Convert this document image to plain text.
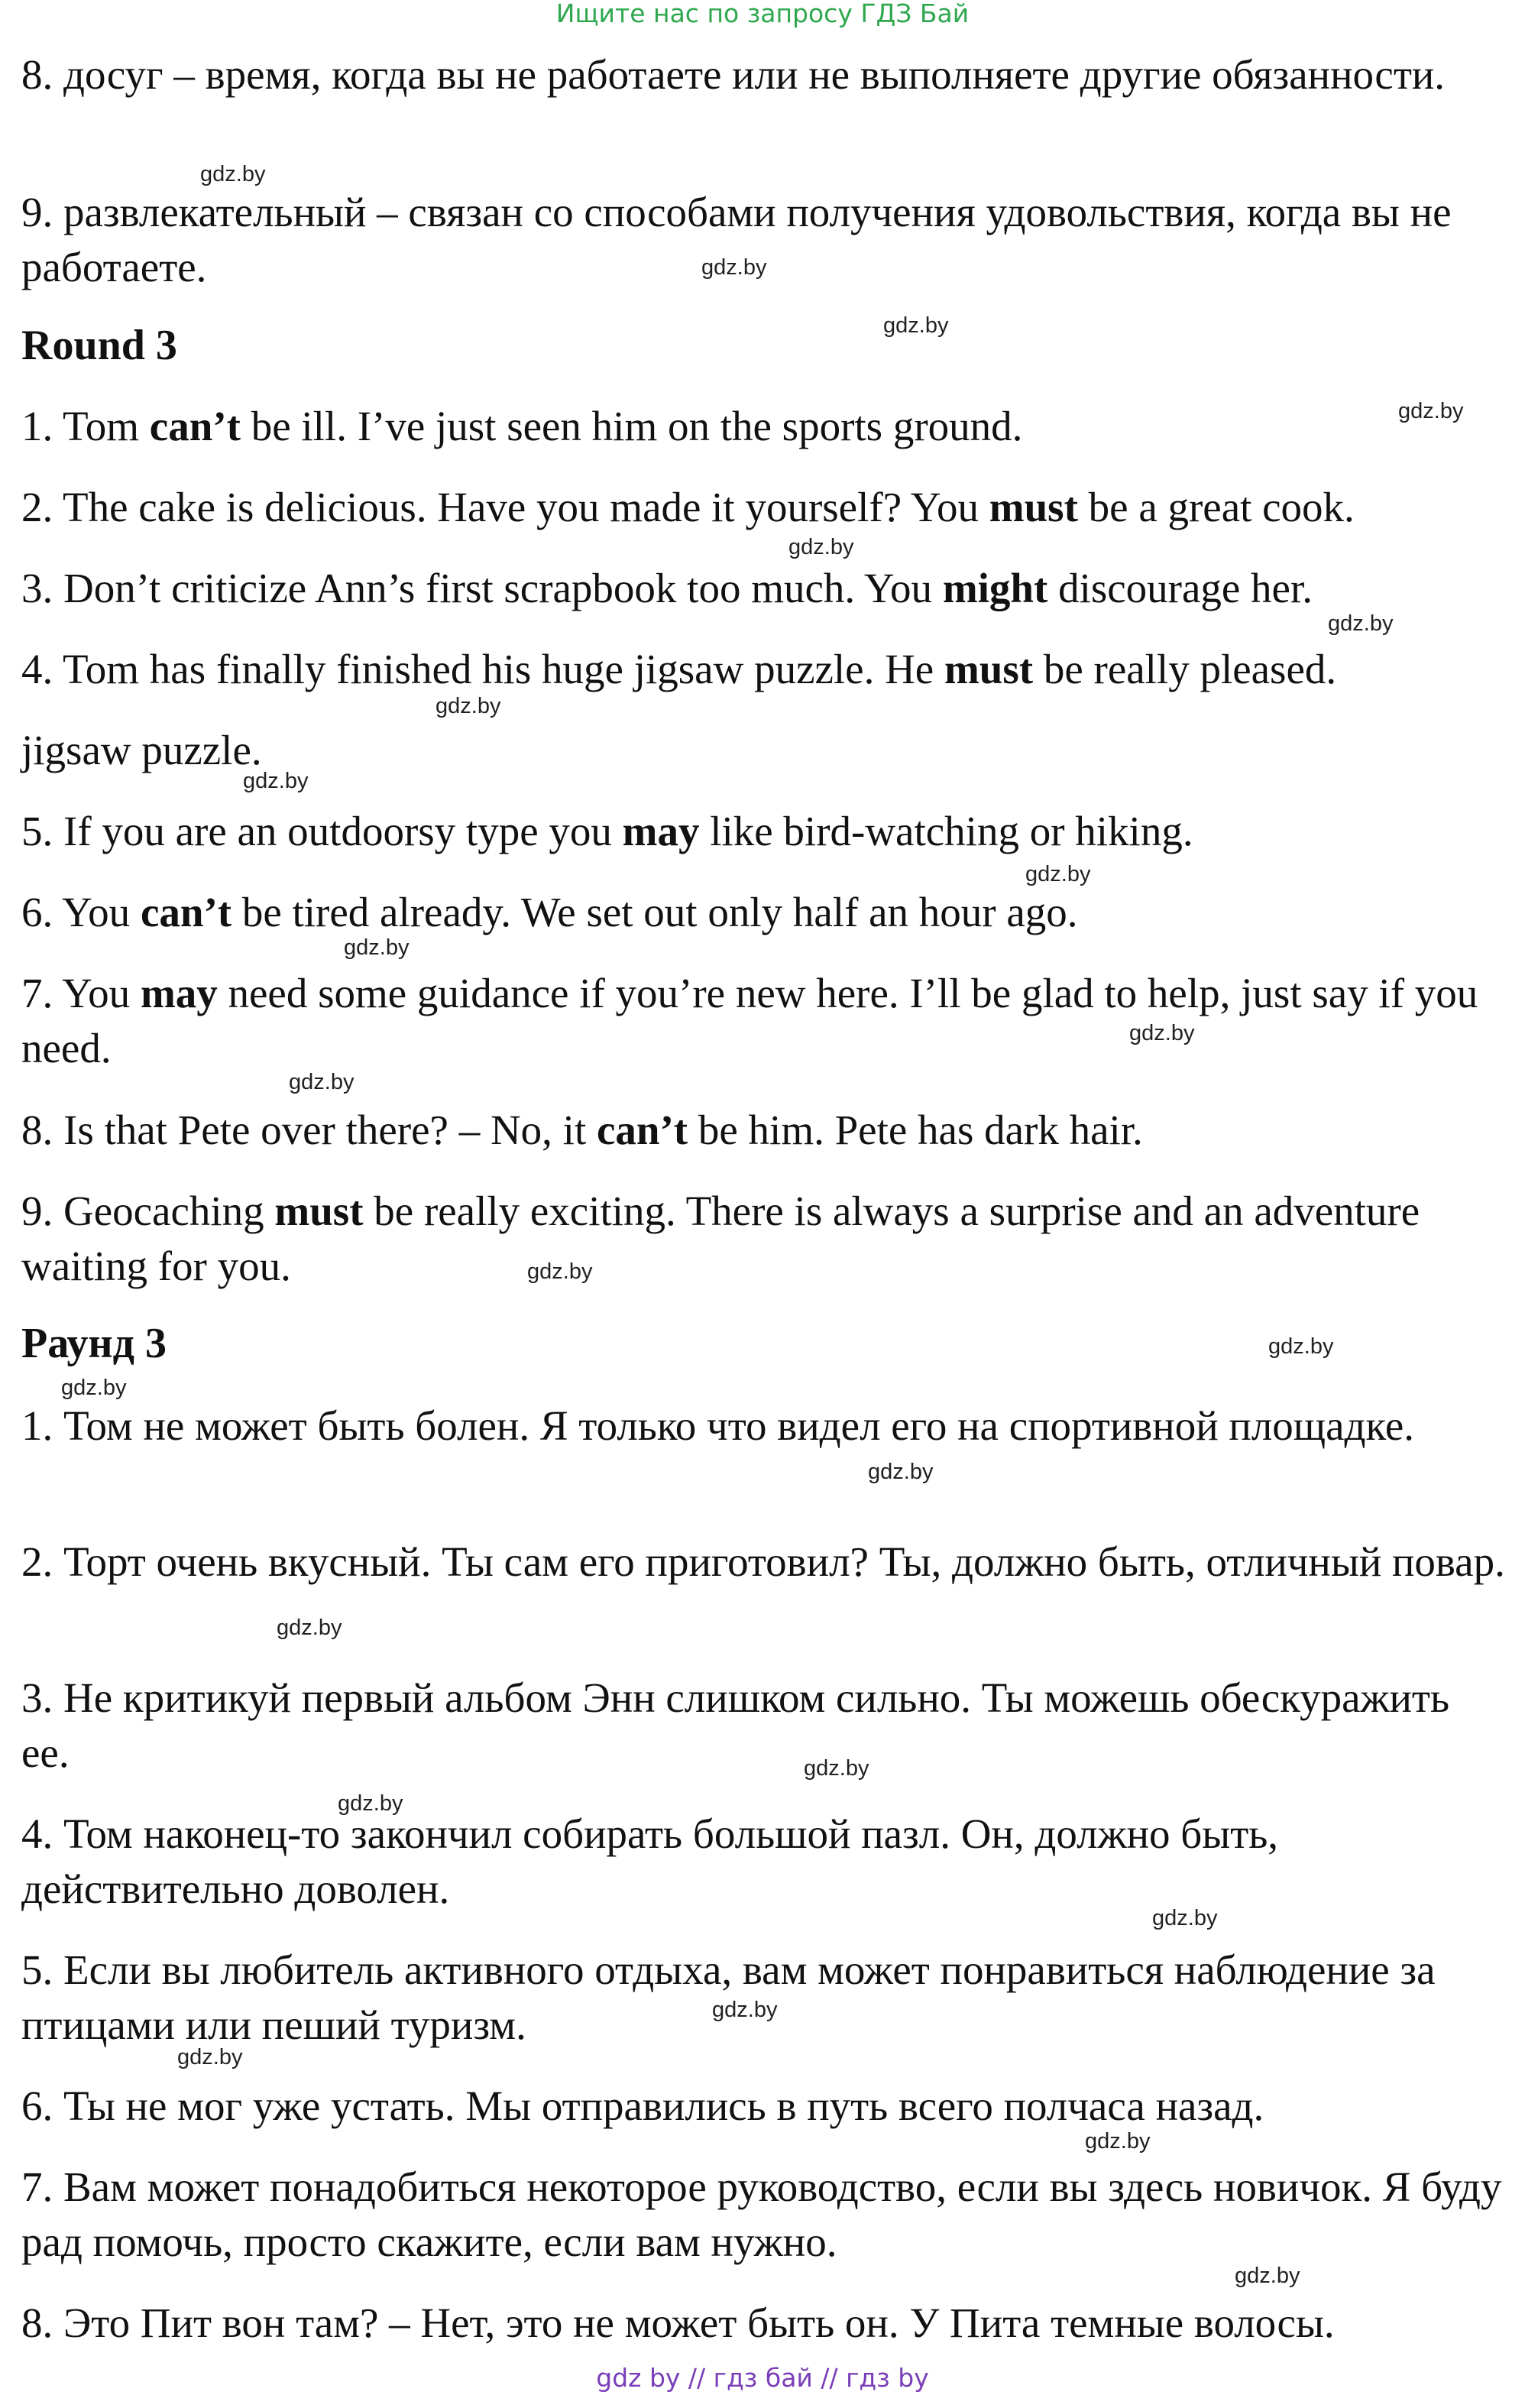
Ищите нас по запросу ГДЗ Бай
8. досуг – время, когда вы не работаете или не выполняете другие обязанности.
9. развлекательный – связан со способами получения удовольствия, когда вы не работаете.
Round 3
1. Tom can’t be ill. I’ve just seen him on the sports ground.
2. The cake is delicious. Have you made it yourself? You must be a great cook.
3. Don’t criticize Ann’s first scrapbook too much. You might discourage her.
4. Tom has finally finished his huge jigsaw puzzle. He must be really pleased.
jigsaw puzzle.
5. If you are an outdoorsy type you may like bird-watching or hiking.
6. You can’t be tired already. We set out only half an hour ago.
7. You may need some guidance if you’re new here. I’ll be glad to help, just say if you need.
8. Is that Pete over there? – No, it can’t be him. Pete has dark hair.
9. Geocaching must be really exciting. There is always a surprise and an adventure waiting for you.
Раунд 3
1. Том не может быть болен. Я только что видел его на спортивной площадке.
2. Торт очень вкусный. Ты сам его приготовил? Ты, должно быть, отличный повар.
3. Не критикуй первый альбом Энн слишком сильно. Ты можешь обескуражить ее.
4. Том наконец-то закончил собирать большой пазл. Он, должно быть, действительно доволен.
5. Если вы любитель активного отдыха, вам может понравиться наблюдение за птицами или пеший туризм.
6. Ты не мог уже устать. Мы отправились в путь всего полчаса назад.
7. Вам может понадобиться некоторое руководство, если вы здесь новичок. Я буду рад помочь, просто скажите, если вам нужно.
8. Это Пит вон там? – Нет, это не может быть он. У Пита темные волосы.
gdz.by
gdz.by
gdz.by
gdz.by
gdz.by
gdz.by
gdz.by
gdz.by
gdz.by
gdz.by
gdz.by
gdz.by
gdz.by
gdz.by
gdz.by
gdz.by
gdz.by
gdz.by
gdz.by
gdz.by
gdz.by
gdz.by
gdz.by
gdz.by
gdz by // гдз бай // гдз by
